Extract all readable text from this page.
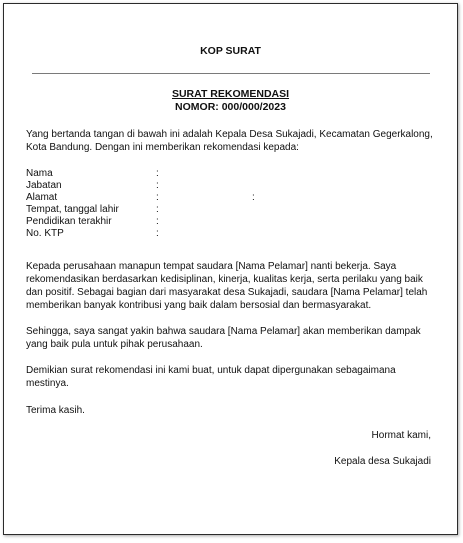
KOP SURAT
SURAT REKOMENDASI
NOMOR: 000/000/2023

Yang bertanda tangan di bawah ini adalah Kepala Desa Sukajadi, Kecamatan Gegerkalong, Kota Bandung. Dengan ini memberikan rekomendasi kepada:

Nama	:
Jabatan	:
Alamat	:	:
Tempat, tanggal lahir	:
Pendidikan terakhir	:
No. KTP	:

Kepada perusahaan manapun tempat saudara [Nama Pelamar] nanti bekerja. Saya rekomendasikan berdasarkan kedisiplinan, kinerja, kualitas kerja, serta perilaku yang baik dan positif. Sebagai bagian dari masyarakat desa Sukajadi, saudara [Nama Pelamar] telah memberikan banyak kontribusi yang baik dalam bersosial dan bermasyarakat.

Sehingga, saya sangat yakin bahwa saudara [Nama Pelamar] akan memberikan dampak yang baik pula untuk pihak perusahaan.

Demikian surat rekomendasi ini kami buat, untuk dapat dipergunakan sebagaimana mestinya.

Terima kasih.

Hormat kami,
Kepala desa Sukajadi
